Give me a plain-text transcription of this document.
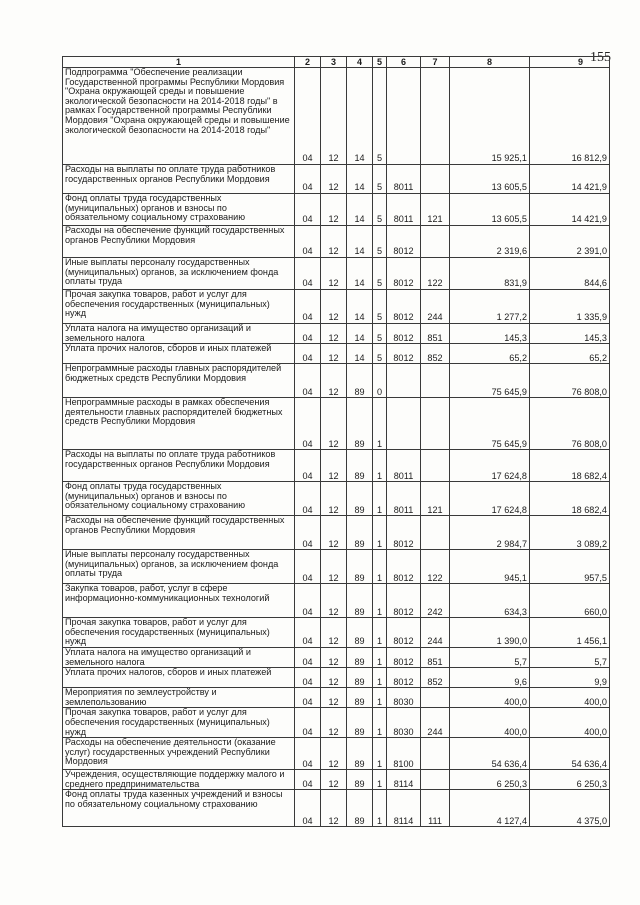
155
1	2	3	4	5	6	7	8	9
Подпрограмма "Обеспечение реализации Государственной программы Республики Мордовия "Охрана окружающей среды и повышение экологической безопасности на 2014-2018 годы" в рамках Государственной программы Республики Мордовия "Охрана окружающей среды и повышение экологической безопасности на 2014-2018 годы"	04	12	14	5			15 925,1	16 812,9
Расходы на выплаты по оплате труда работников государственных органов Республики Мордовия	04	12	14	5	8011		13 605,5	14 421,9
Фонд оплаты труда государственных (муниципальных) органов и взносы по обязательному социальному страхованию	04	12	14	5	8011	121	13 605,5	14 421,9
Расходы на обеспечение функций государственных органов Республики Мордовия	04	12	14	5	8012		2 319,6	2 391,0
Иные выплаты персоналу государственных (муниципальных) органов, за исключением фонда оплаты труда	04	12	14	5	8012	122	831,9	844,6
Прочая закупка товаров, работ и услуг для обеспечения государственных (муниципальных) нужд	04	12	14	5	8012	244	1 277,2	1 335,9
Уплата налога на имущество организаций и земельного налога	04	12	14	5	8012	851	145,3	145,3
Уплата прочих налогов, сборов и иных платежей	04	12	14	5	8012	852	65,2	65,2
Непрограммные расходы главных распорядителей бюджетных средств Республики Мордовия	04	12	89	0			75 645,9	76 808,0
Непрограммные расходы в рамках обеспечения деятельности главных распорядителей бюджетных средств Республики Мордовия	04	12	89	1			75 645,9	76 808,0
Расходы на выплаты по оплате труда работников государственных органов Республики Мордовия	04	12	89	1	8011		17 624,8	18 682,4
Фонд оплаты труда государственных (муниципальных) органов и взносы по обязательному социальному страхованию	04	12	89	1	8011	121	17 624,8	18 682,4
Расходы на обеспечение функций государственных органов Республики Мордовия	04	12	89	1	8012		2 984,7	3 089,2
Иные выплаты персоналу государственных (муниципальных) органов, за исключением фонда оплаты труда	04	12	89	1	8012	122	945,1	957,5
Закупка товаров, работ, услуг в сфере информационно-коммуникационных технологий	04	12	89	1	8012	242	634,3	660,0
Прочая закупка товаров, работ и услуг для обеспечения государственных (муниципальных) нужд	04	12	89	1	8012	244	1 390,0	1 456,1
Уплата налога на имущество организаций и земельного налога	04	12	89	1	8012	851	5,7	5,7
Уплата прочих налогов, сборов и иных платежей	04	12	89	1	8012	852	9,6	9,9
Мероприятия по землеустройству и землепользованию	04	12	89	1	8030		400,0	400,0
Прочая закупка товаров, работ и услуг для обеспечения государственных (муниципальных) нужд	04	12	89	1	8030	244	400,0	400,0
Расходы на обеспечение деятельности (оказание услуг) государственных учреждений Республики Мордовия	04	12	89	1	8100		54 636,4	54 636,4
Учреждения, осуществляющие поддержку малого и среднего предпринимательства	04	12	89	1	8114		6 250,3	6 250,3
Фонд оплаты труда казенных учреждений и взносы по обязательному социальному страхованию	04	12	89	1	8114	111	4 127,4	4 375,0
